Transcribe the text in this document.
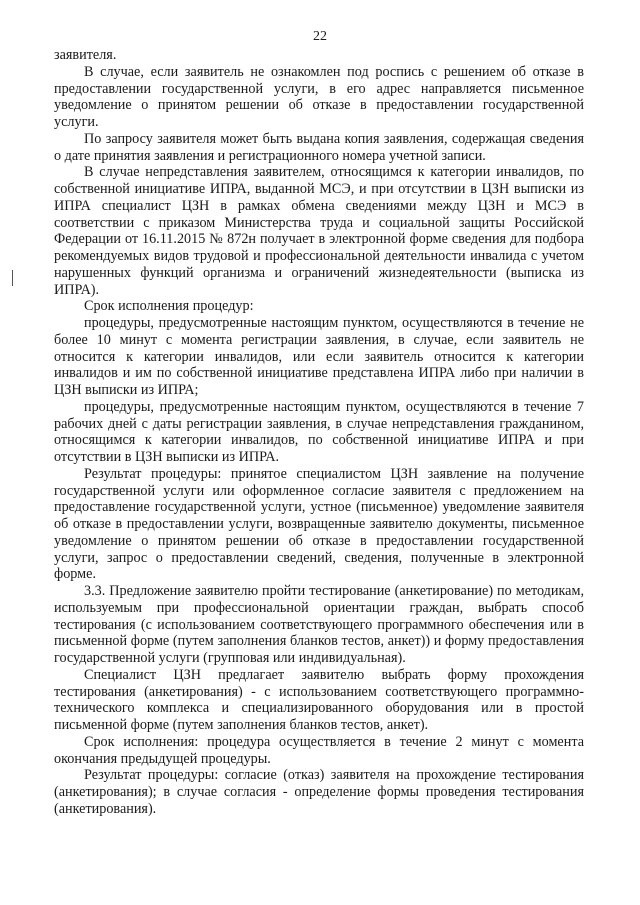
22

заявителя.

В случае, если заявитель не ознакомлен под роспись с решением об отказе в предоставлении государственной услуги, в его адрес направляется письменное уведомление о принятом решении об отказе в предоставлении государственной услуги.

По запросу заявителя может быть выдана копия заявления, содержащая сведения о дате принятия заявления и регистрационного номера учетной записи.

В случае непредставления заявителем, относящимся к категории инвалидов, по собственной инициативе ИПРА, выданной МСЭ, и при отсутствии в ЦЗН выписки из ИПРА специалист ЦЗН в рамках обмена сведениями между ЦЗН и МСЭ в соответствии с приказом Министерства труда и социальной защиты Российской Федерации от 16.11.2015 № 872н получает в электронной форме сведения для подбора рекомендуемых видов трудовой и профессиональной деятельности инвалида с учетом нарушенных функций организма и ограничений жизнедеятельности (выписка из ИПРА).

Срок исполнения процедур:

процедуры, предусмотренные настоящим пунктом, осуществляются в течение не более 10 минут с момента регистрации заявления, в случае, если заявитель не относится к категории инвалидов, или если заявитель относится к категории инвалидов и им по собственной инициативе представлена ИПРА либо при наличии в ЦЗН выписки из ИПРА;

процедуры, предусмотренные настоящим пунктом, осуществляются в течение 7 рабочих дней с даты регистрации заявления, в случае непредставления гражданином, относящимся к категории инвалидов, по собственной инициативе ИПРА и при отсутствии в ЦЗН выписки из ИПРА.

Результат процедуры: принятое специалистом ЦЗН заявление на получение государственной услуги или оформленное согласие заявителя с предложением на предоставление государственной услуги, устное (письменное) уведомление заявителя об отказе в предоставлении услуги, возвращенные заявителю документы, письменное уведомление о принятом решении об отказе в предоставлении государственной услуги, запрос о предоставлении сведений, сведения, полученные в электронной форме.

3.3. Предложение заявителю пройти тестирование (анкетирование) по методикам, используемым при профессиональной ориентации граждан, выбрать способ тестирования (с использованием соответствующего программного обеспечения или в письменной форме (путем заполнения бланков тестов, анкет)) и форму предоставления государственной услуги (групповая или индивидуальная).

Специалист ЦЗН предлагает заявителю выбрать форму прохождения тестирования (анкетирования) - с использованием соответствующего программно-технического комплекса и специализированного оборудования или в простой письменной форме (путем заполнения бланков тестов, анкет).

Срок исполнения: процедура осуществляется в течение 2 минут с момента окончания предыдущей процедуры.

Результат процедуры: согласие (отказ) заявителя на прохождение тестирования (анкетирования); в случае согласия - определение формы проведения тестирования (анкетирования).
